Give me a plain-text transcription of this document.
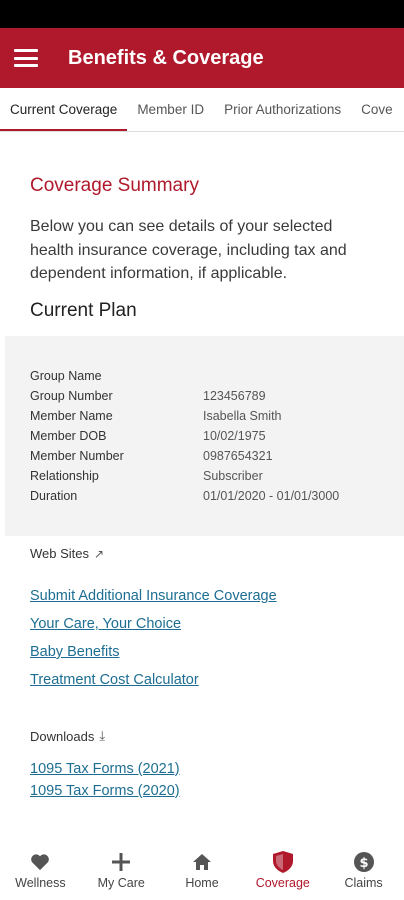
Benefits & Coverage
Current Coverage	Member ID	Prior Authorizations	Cove
Coverage Summary
Below you can see details of your selected health insurance coverage, including tax and dependent information, if applicable.
Current Plan
Group Name
Group Number	123456789
Member Name	Isabella Smith
Member DOB	10/02/1975
Member Number	0987654321
Relationship	Subscriber
Duration	01/01/2020 - 01/01/3000
Web Sites ↗
Submit Additional Insurance Coverage
Your Care, Your Choice
Baby Benefits
Treatment Cost Calculator
Downloads ⤓
1095 Tax Forms (2021)
1095 Tax Forms (2020)
Wellness	My Care	Home	Coverage
$
Claims
